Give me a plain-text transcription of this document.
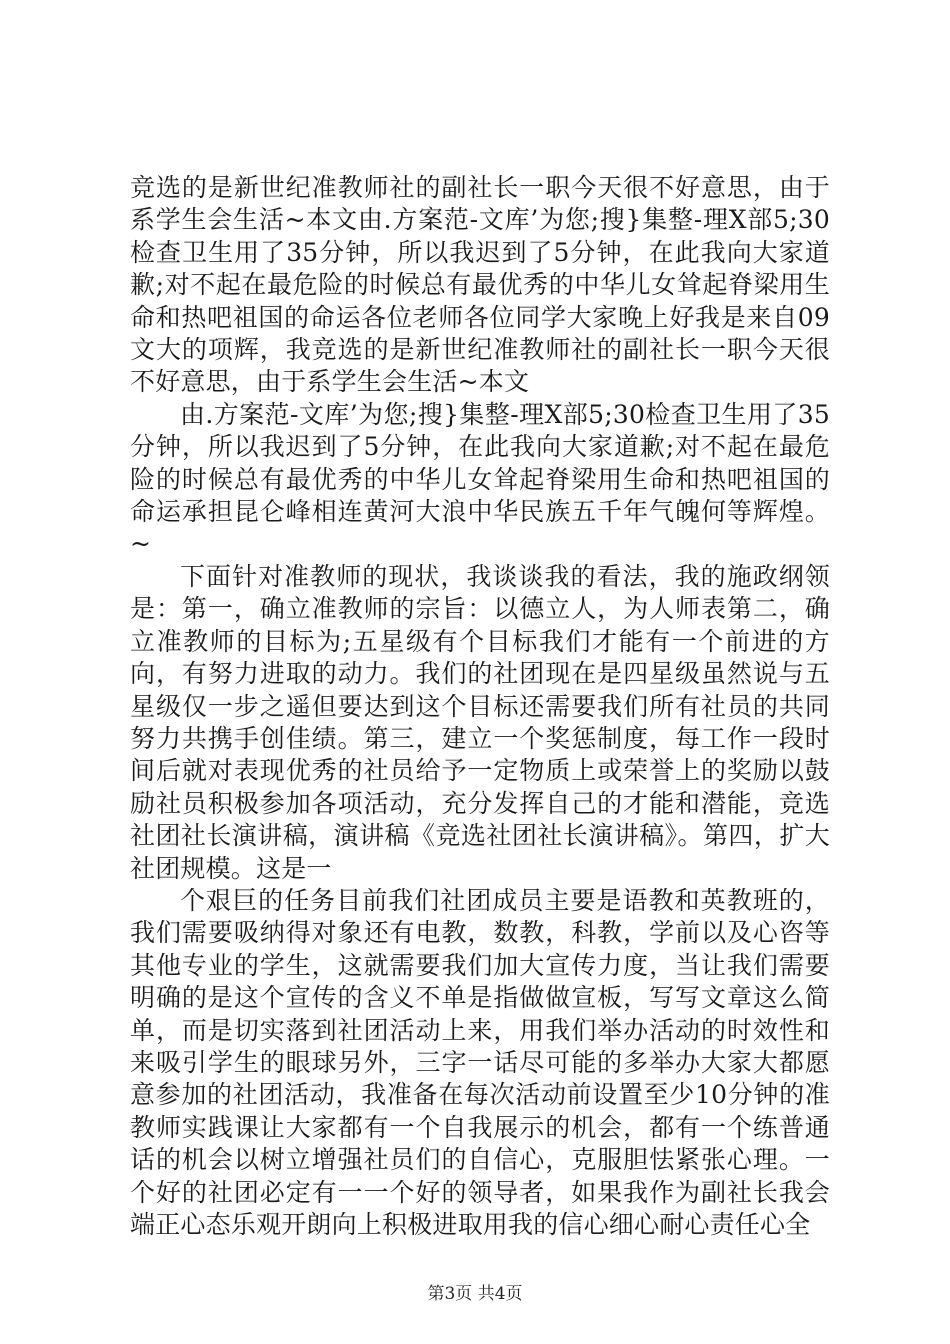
竞选的是新世纪准教师社的副社长一职今天很不好意思，由于系学生会生活~本文由.方案范-文库’为您;搜}集整-理X部5;30检查卫生用了35分钟，所以我迟到了5分钟，在此我向大家道歉;对不起在最危险的时候总有最优秀的中华儿女耸起脊梁用生命和热吧祖国的命运各位老师各位同学大家晚上好我是来自09文大的项辉，我竞选的是新世纪准教师社的副社长一职今天很不好意思，由于系学生会生活~本文

由.方案范-文库’为您;搜}集整-理X部5;30检查卫生用了35分钟，所以我迟到了5分钟，在此我向大家道歉;对不起在最危险的时候总有最优秀的中华儿女耸起脊梁用生命和热吧祖国的命运承担昆仑峰相连黄河大浪中华民族五千年气魄何等辉煌。~

下面针对准教师的现状，我谈谈我的看法，我的施政纲领是：第一，确立准教师的宗旨：以德立人，为人师表第二，确立准教师的目标为;五星级有个目标我们才能有一个前进的方向，有努力进取的动力。我们的社团现在是四星级虽然说与五星级仅一步之遥但要达到这个目标还需要我们所有社员的共同努力共携手创佳绩。第三，建立一个奖惩制度，每工作一段时间后就对表现优秀的社员给予一定物质上或荣誉上的奖励以鼓励社员积极参加各项活动，充分发挥自己的才能和潜能，竞选社团社长演讲稿，演讲稿《竞选社团社长演讲稿》。第四，扩大社团规模。这是一

个艰巨的任务目前我们社团成员主要是语教和英教班的，我们需要吸纳得对象还有电教，数教，科教，学前以及心咨等其他专业的学生，这就需要我们加大宣传力度，当让我们需要明确的是这个宣传的含义不单是指做做宣板，写写文章这么简单，而是切实落到社团活动上来，用我们举办活动的时效性和来吸引学生的眼球另外，三字一话尽可能的多举办大家大都愿意参加的社团活动，我准备在每次活动前设置至少10分钟的准教师实践课让大家都有一个自我展示的机会，都有一个练普通话的机会以树立增强社员们的自信心，克服胆怯紧张心理。一个好的社团必定有一一个好的领导者，如果我作为副社长我会端正心态乐观开朗向上积极进取用我的信心细心耐心责任心全

第3页 共4页
